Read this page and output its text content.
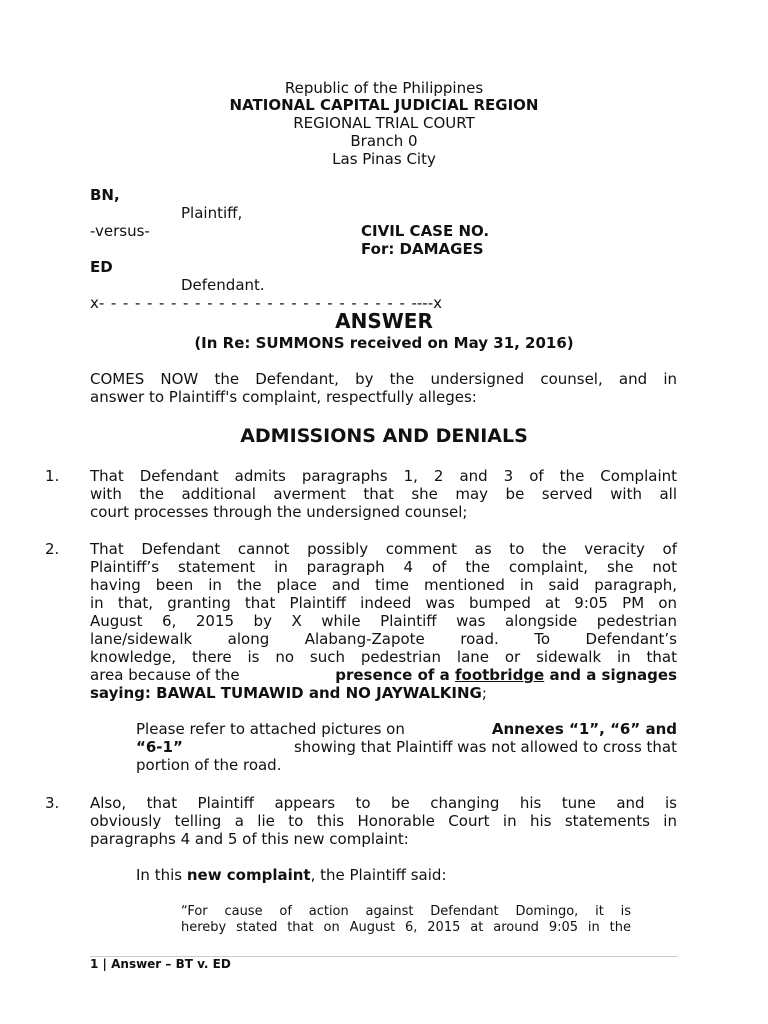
Republic of the Philippines
NATIONAL CAPITAL JUDICIAL REGION
REGIONAL TRIAL COURT
Branch 0
Las Pinas City
BN,
Plaintiff,
-versus-	CIVIL CASE NO.
For: DAMAGES
ED
Defendant.
x- - - - - - - - - - - - - - - - - - - - - - - - - - ----x
ANSWER
(In Re: SUMMONS received on May 31, 2016)
COMES NOW the Defendant, by the undersigned counsel, and in
answer to Plaintiff's complaint, respectfully alleges:
ADMISSIONS AND DENIALS
1. That Defendant admits paragraphs 1, 2 and 3 of the Complaint
with the additional averment that she may be served with all
court processes through the undersigned counsel;
2. That Defendant cannot possibly comment as to the veracity of
Plaintiff’s statement in paragraph 4 of the complaint, she not
having been in the place and time mentioned in said paragraph,
in that, granting that Plaintiff indeed was bumped at 9:05 PM on
August 6, 2015 by X while Plaintiff was alongside pedestrian
lane/sidewalk along Alabang-Zapote road. To Defendant’s
knowledge, there is no such pedestrian lane or sidewalk in that
area because of the	presence of a footbridge and a signages
saying: BAWAL TUMAWID and NO JAYWALKING;
Please refer to attached pictures on	Annexes “1”, “6” and
“6-1”	showing that Plaintiff was not allowed to cross that
portion of the road.
3. Also, that Plaintiff appears to be changing his tune and is
obviously telling a lie to this Honorable Court in his statements in
paragraphs 4 and 5 of this new complaint:
In this new complaint, the Plaintiff said:
“For cause of action against Defendant Domingo, it is
hereby stated that on August 6, 2015 at around 9:05 in the
1 | Answer – BT v. ED
